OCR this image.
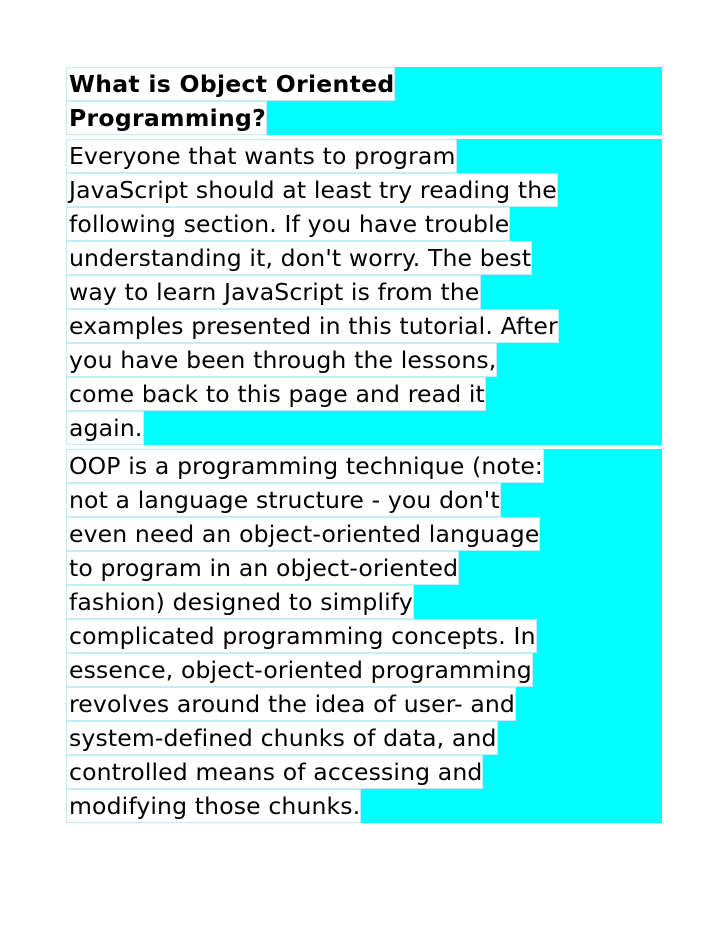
What is Object Oriented
Programming?
Everyone that wants to program
JavaScript should at least try reading the
following section. If you have trouble
understanding it, don't worry. The best
way to learn JavaScript is from the
examples presented in this tutorial. After
you have been through the lessons,
come back to this page and read it
again.
OOP is a programming technique (note:
not a language structure - you don't
even need an object-oriented language
to program in an object-oriented
fashion) designed to simplify
complicated programming concepts. In
essence, object-oriented programming
revolves around the idea of user- and
system-defined chunks of data, and
controlled means of accessing and
modifying those chunks.
